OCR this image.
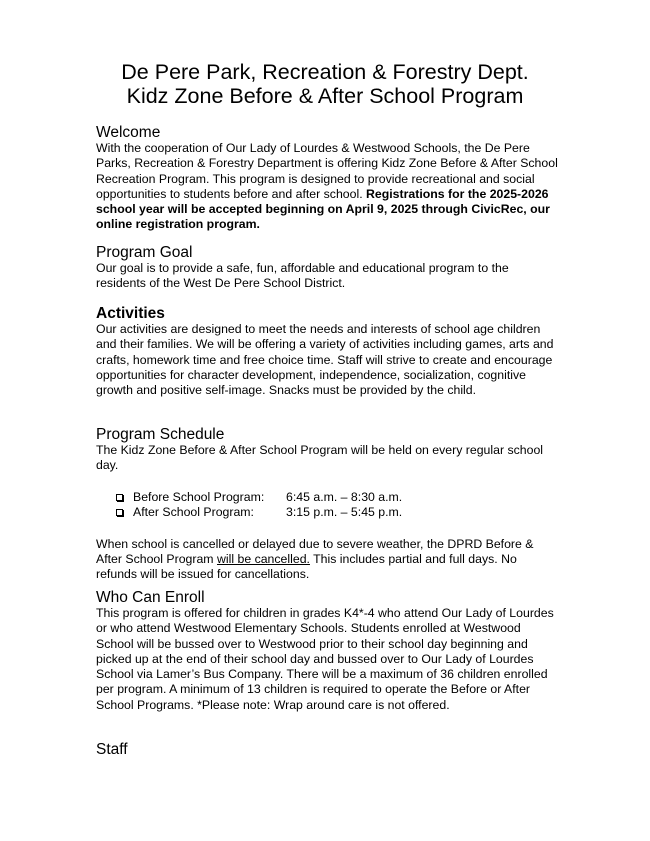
De Pere Park, Recreation & Forestry Dept.
Kidz Zone Before & After School Program
Welcome

With the cooperation of Our Lady of Lourdes & Westwood Schools, the De Pere Parks, Recreation & Forestry Department is offering Kidz Zone Before & After School Recreation Program. This program is designed to provide recreational and social opportunities to students before and after school. Registrations for the 2025-2026 school year will be accepted beginning on April 9, 2025 through CivicRec, our online registration program.

Program Goal

Our goal is to provide a safe, fun, affordable and educational program to the residents of the West De Pere School District.

Activities

Our activities are designed to meet the needs and interests of school age children and their families. We will be offering a variety of activities including games, arts and crafts, homework time and free choice time. Staff will strive to create and encourage opportunities for character development, independence, socialization, cognitive growth and positive self-image. Snacks must be provided by the child.

Program Schedule

The Kidz Zone Before & After School Program will be held on every regular school day.

Before School Program: 6:45 a.m. – 8:30 a.m.
After School Program:	3:15 p.m. – 5:45 p.m.

When school is cancelled or delayed due to severe weather, the DPRD Before & After School Program will be cancelled. This includes partial and full days. No refunds will be issued for cancellations.

Who Can Enroll

This program is offered for children in grades K4*-4 who attend Our Lady of Lourdes or who attend Westwood Elementary Schools. Students enrolled at Westwood School will be bussed over to Westwood prior to their school day beginning and picked up at the end of their school day and bussed over to Our Lady of Lourdes School via Lamer’s Bus Company. There will be a maximum of 36 children enrolled per program. A minimum of 13 children is required to operate the Before or After School Programs. *Please note: Wrap around care is not offered.

Staff
